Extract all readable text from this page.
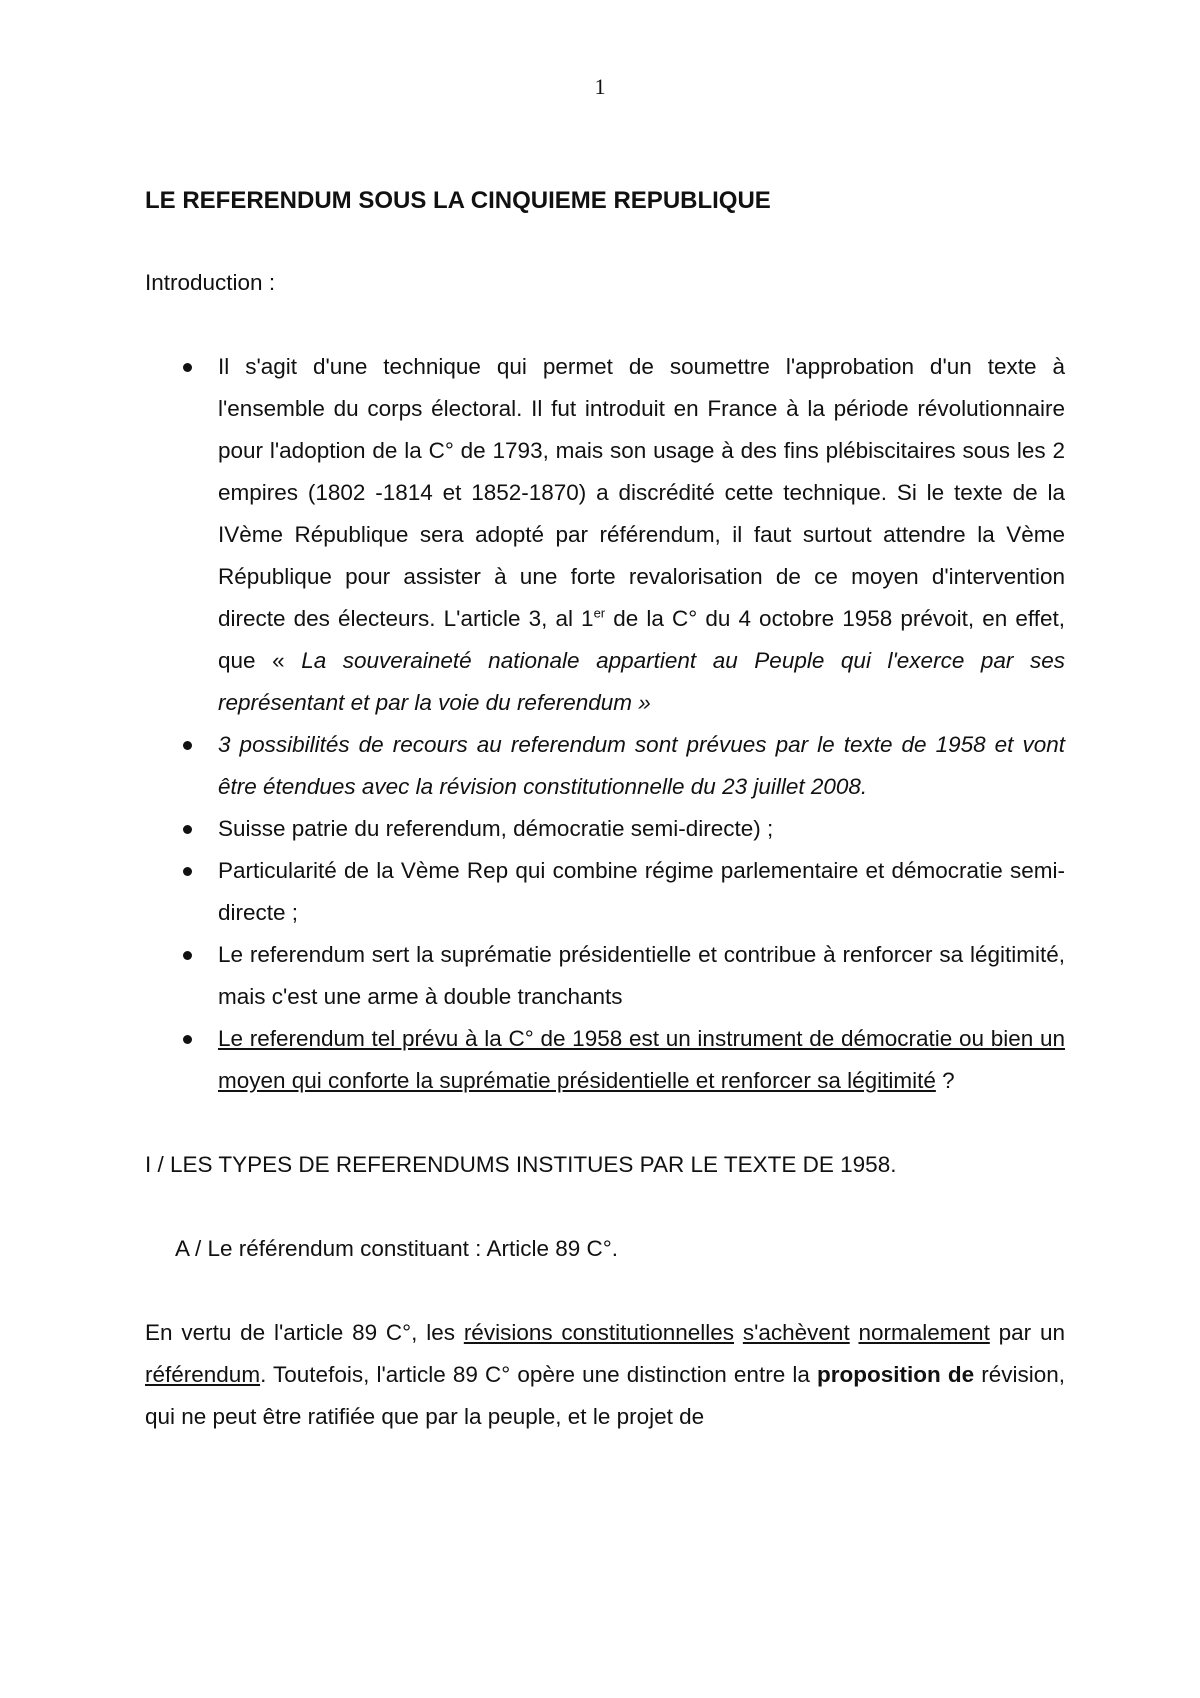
1
LE REFERENDUM SOUS LA CINQUIEME REPUBLIQUE
Introduction :
Il s'agit d'une technique qui permet de soumettre l'approbation d'un texte à l'ensemble du corps électoral. Il fut introduit en France à la période révolutionnaire pour l'adoption de la C° de 1793, mais son usage à des fins plébiscitaires sous les 2 empires (1802 -1814 et 1852-1870) a discrédité cette technique. Si le texte de la IVème République sera adopté par référendum, il faut surtout attendre la Vème République pour assister à une forte revalorisation de ce moyen d'intervention directe des électeurs. L'article 3, al 1er de la C° du 4 octobre 1958 prévoit, en effet, que « La souveraineté nationale appartient au Peuple qui l'exerce par ses représentant et par la voie du referendum »
3 possibilités de recours au referendum sont prévues par le texte de 1958 et vont être étendues avec la révision constitutionnelle du 23 juillet 2008.
Suisse patrie du referendum, démocratie semi-directe) ;
Particularité de la Vème Rep qui combine régime parlementaire et démocratie semi-directe ;
Le referendum sert la suprématie présidentielle et contribue à renforcer sa légitimité, mais c'est une arme à double tranchants
Le referendum tel prévu à la C° de 1958 est un instrument de démocratie ou bien un moyen qui conforte la suprématie présidentielle et renforcer sa légitimité ?
I / LES TYPES DE REFERENDUMS INSTITUES PAR LE TEXTE DE 1958.
A / Le référendum constituant : Article 89 C°.

En vertu de l'article 89 C°, les révisions constitutionnelles s'achèvent normalement par un référendum. Toutefois, l'article 89 C° opère une distinction entre la proposition de révision, qui ne peut être ratifiée que par la peuple, et le projet de
